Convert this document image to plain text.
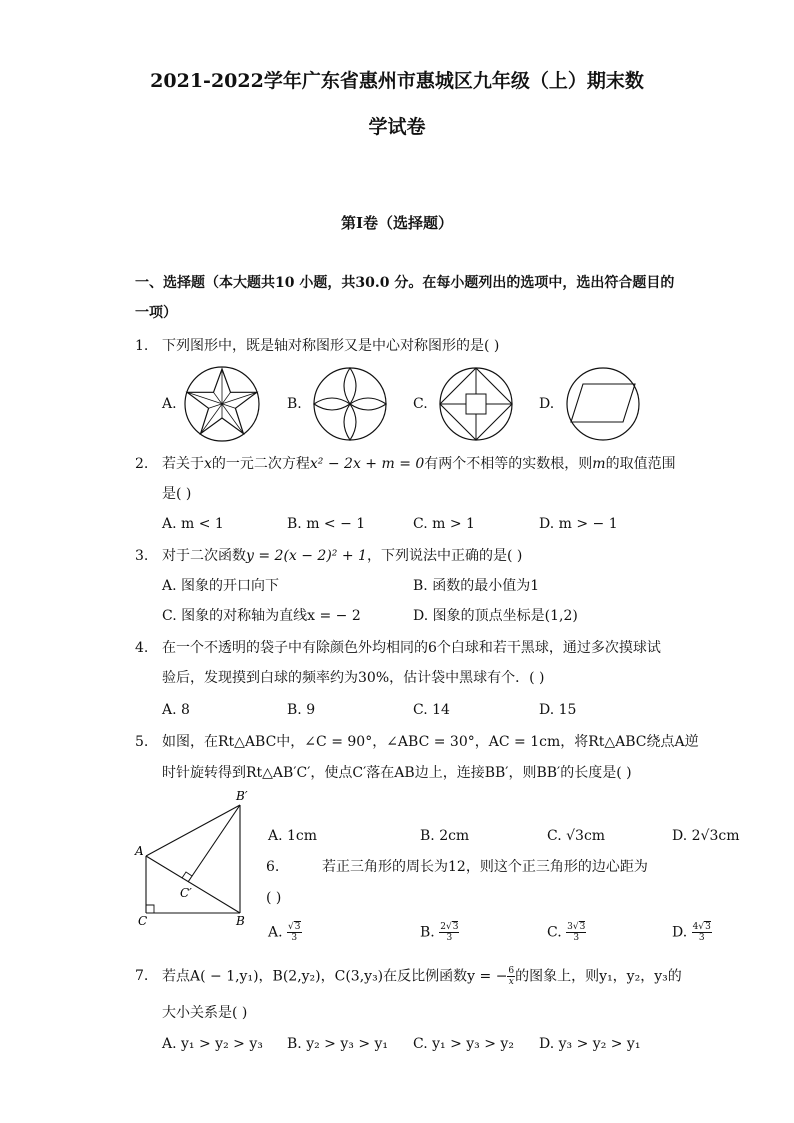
2021-2022学年广东省惠州市惠城区九年级（上）期末数
学试卷
第I卷（选择题）
一、选择题（本大题共10 小题，共30.0 分。在每小题列出的选项中，选出符合题目的
一项）
1. 下列图形中，既是轴对称图形又是中心对称图形的是( )
A.	B.	C.	D.
2. 若关于x的一元二次方程x² − 2x + m = 0有两个不相等的实数根，则m的取值范围
是( )
A. m < 1	B. m < − 1	C. m > 1	D. m > − 1
3. 对于二次函数y = 2(x − 2)² + 1，下列说法中正确的是( )
A. 图象的开口向下	B. 函数的最小值为1
C. 图象的对称轴为直线x = − 2	D. 图象的顶点坐标是(1,2)
4. 在一个不透明的袋子中有除颜色外均相同的6个白球和若干黑球，通过多次摸球试
验后，发现摸到白球的频率约为30%，估计袋中黑球有个．( )
A. 8	B. 9	C. 14	D. 15
5. 如图，在Rt△ABC中，∠C = 90°，∠ABC = 30°，AC = 1cm，将Rt△ABC绕点A逆
时针旋转得到Rt△AB′C′，使点C′落在AB边上，连接BB′，则BB′的长度是( )
B′
A
C′
C	B
A. 1cm	B. 2cm	C. √3cm	D. 2√3cm
6.	若正三角形的周长为12，则这个正三角形的边心距为
( )
A. $\frac{√3}{3}$	B. $\frac{2√3}{3}$	C. $\frac{3√3}{3}$	D. $\frac{4√3}{3}$
7. 若点A( − 1,y₁)，B(2,y₂)，C(3,y₃)在反比例函数y = − $\frac{6}{x}$ 的图象上，则y₁，y₂，y₃的
大小关系是( )
A. y₁ > y₂ > y₃ B. y₂ > y₃ > y₁ C. y₁ > y₃ > y₂ D. y₃ > y₂ > y₁
